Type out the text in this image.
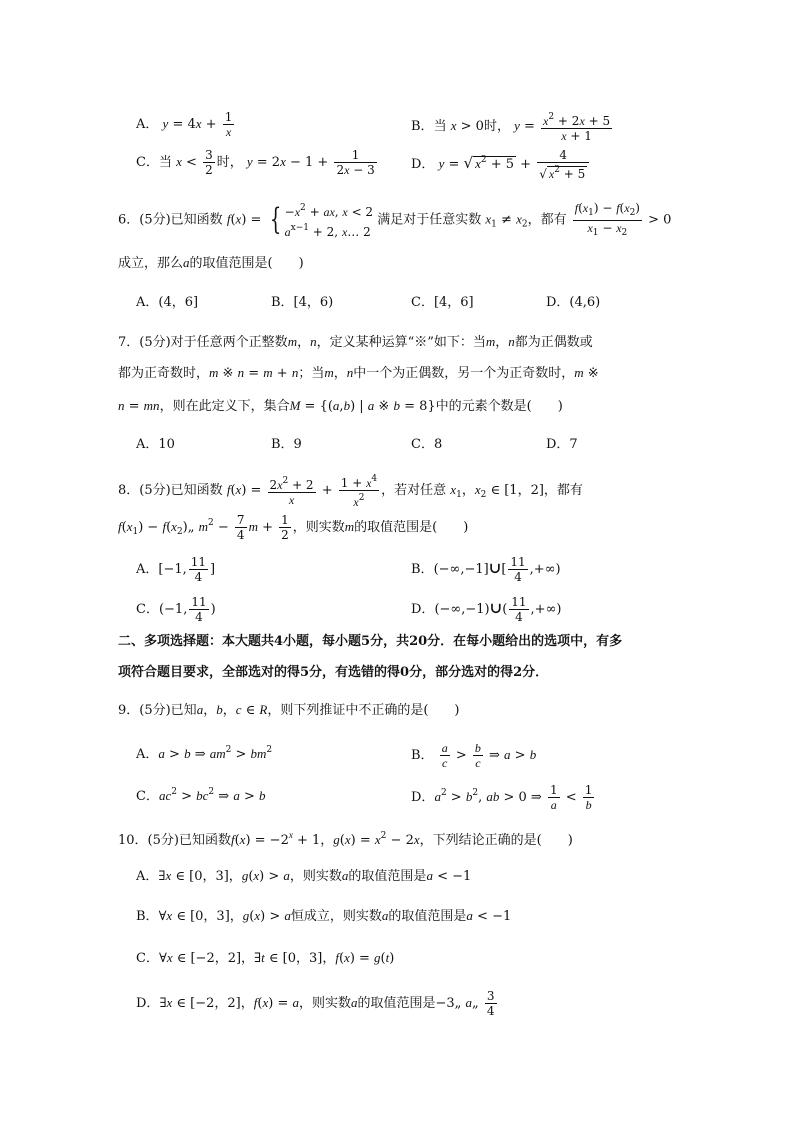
A． $y = 4x + \frac{1}{x}$	B．当 x > 0时， $y = \frac{x^2 + 2x + 5}{x + 1}$
C．当 $x < \frac{3}{2}$ 时， $y = 2x - 1 + \frac{1}{2x - 3}$	D． y = √ $x^2 + 5 + \frac{4}{√ x^2 + 5}$
6．(5分)已知函数 f(x) = { $-x^2$ + ax, x < 2
$a^{x-1} + 2$, x… 2
满足对于任意实数 $x_1 \ne x_2$，都有 $\frac{f(x_1) - f(x_2)}{x_1 - x_2} > 0$
成立，那么a的取值范围是(　　)
A．(4，6]	B．[4，6)	C．[4，6]	D．(4,6)
7．(5分)对于任意两个正整数m，n，定义某种运算“※”如下：当m，n都为正偶数或
都为正奇数时，m ※ n = m + n；当m，n中一个为正偶数，另一个为正奇数时，m ※
n = mn，则在此定义下，集合M = {(a,b) | a ※ b = 8}中的元素个数是(　　)
A．10	B．9	C．8	D．7
8．(5分)已知函数 $f(x) = \frac{2x^2 + 2}{x} + \frac{1 + x^4}{x^2}$ ，若对任意 $x_1$，$x_2$ ∈ [1，2]，都有
$f(x_1)$ − $f(x_2)„$ $m^2 - \frac{7}{4}$ $m + \frac{1}{2}$ ，则实数m的取值范围是(　　)
A．[−1, $\frac{11}{4}$ ]	B．(−∞,−1]∪[ $\frac{11}{4}$ ,+∞)
C．(−1, $\frac{11}{4}$ )	D．(−∞,−1)∪( $\frac{11}{4}$ ,+∞)
二、多项选择题：本大题共4小题，每小题5分，共20分．在每小题给出的选项中，有多
项符合题目要求，全部选对的得5分，有选错的得0分，部分选对的得2分．
9．(5分)已知a，b，c ∈ R，则下列推证中不正确的是(　　)
A．a > b ⇒ $am^2 > bm^2$	B． $\frac{a}{c} > \frac{b}{c}$ ⇒ a > b
C．$ac^2 > bc^2$ ⇒ a > b	D．$a^2 > b^2$, ab > 0 ⇒ $\frac{1}{a} < \frac{1}{b}$
10．(5分)已知函数$f(x) = -2^x + 1$，$g(x) = x^2 - 2x$，下列结论正确的是(　　)
A．∃x ∈ [0，3]，g(x) > a，则实数a的取值范围是a < −1
B．∀x ∈ [0，3]，g(x) > a恒成立，则实数a的取值范围是a < −1
C．∀x ∈ [−2，2]，∃t ∈ [0，3]，f(x) = g(t)
D．∃x ∈ [−2，2]，f(x) = a，则实数a的取值范围是−3„ a„ $\frac{3}{4}$
